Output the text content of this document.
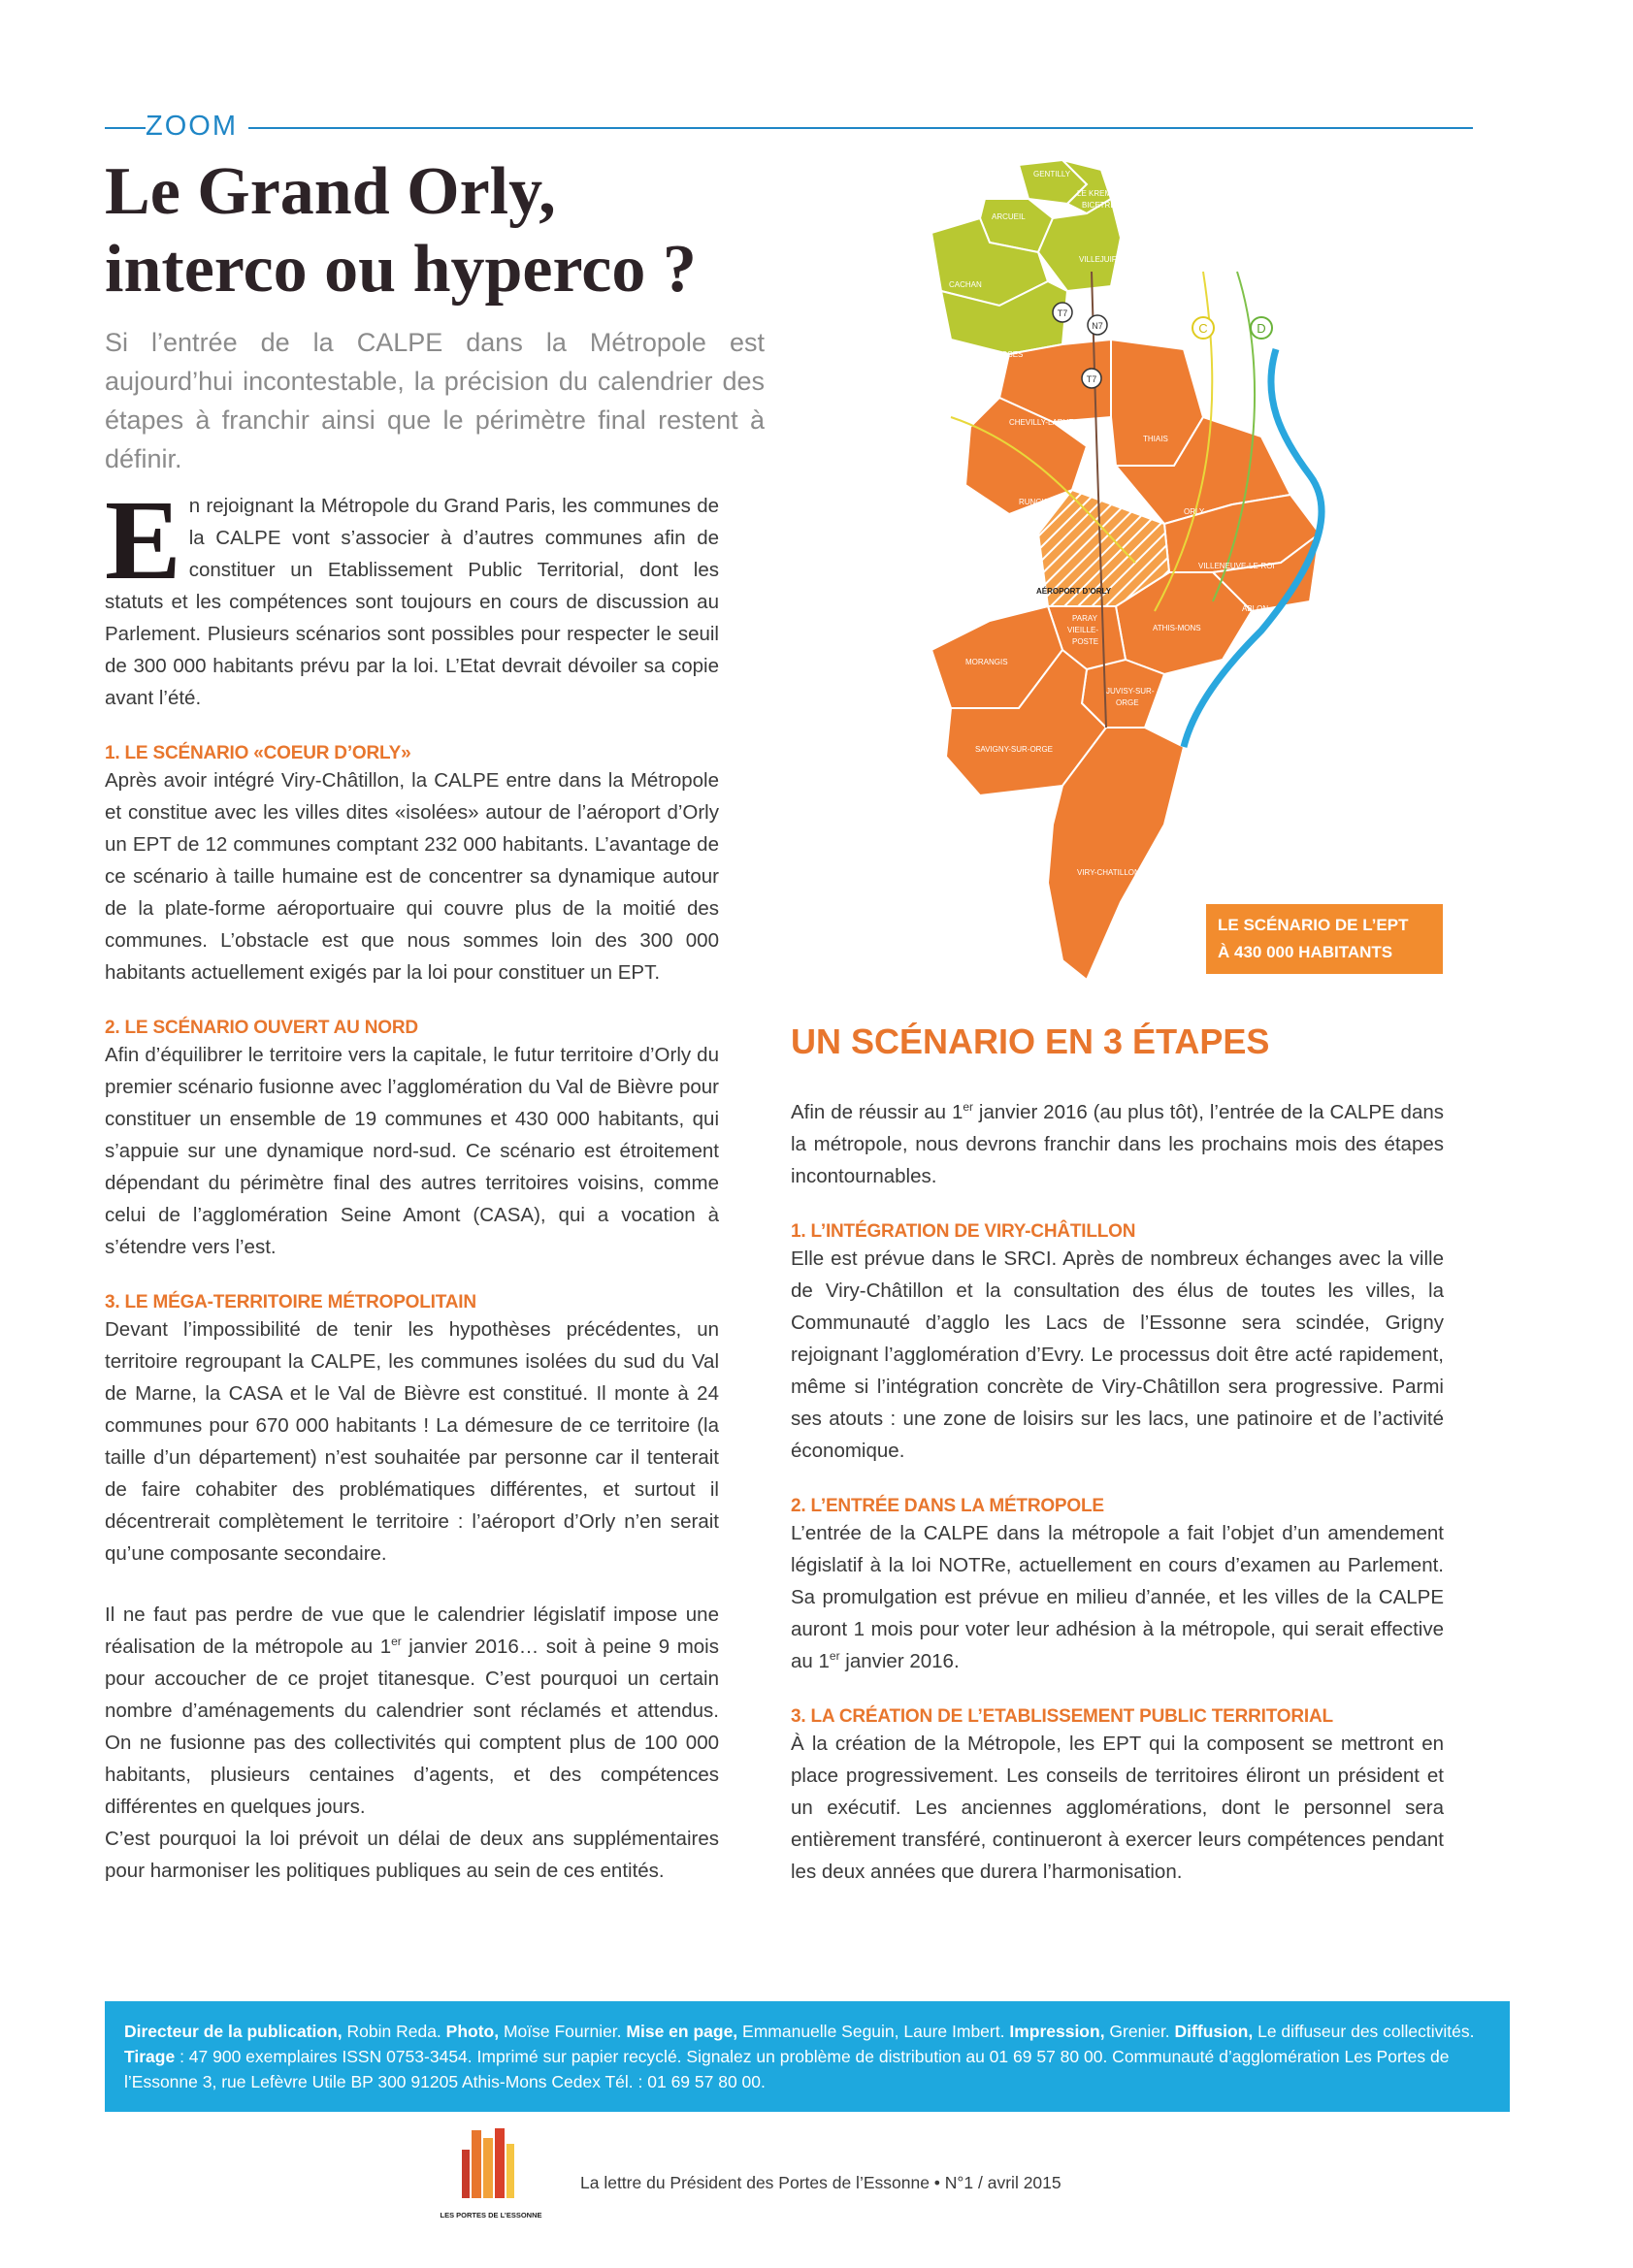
ZOOM
Le Grand Orly,
interco ou hyperco ?
Si l’entrée de la CALPE dans la Métropole est aujourd’hui incontestable, la précision du calendrier des étapes à franchir ainsi que le périmètre final restent à définir.

En rejoignant la Métropole du Grand Paris, les communes de la CALPE vont s’associer à d’autres communes afin de constituer un Etablissement Public Territorial, dont les statuts et les compétences sont toujours en cours de discussion au Parlement. Plusieurs scénarios sont possibles pour respecter le seuil de 300 000 habitants prévu par la loi. L’Etat devrait dévoiler sa copie avant l’été.

1. LE SCÉNARIO «COEUR D’ORLY»

Après avoir intégré Viry-Châtillon, la CALPE entre dans la Métropole et constitue avec les villes dites «isolées» autour de l’aéroport d’Orly un EPT de 12 communes comptant 232 000 habitants. L’avantage de ce scénario à taille humaine est de concentrer sa dynamique autour de la plate-forme aéroportuaire qui couvre plus de la moitié des communes. L’obstacle est que nous sommes loin des 300 000 habitants actuellement exigés par la loi pour constituer un EPT.

2. LE SCÉNARIO OUVERT AU NORD

Afin d’équilibrer le territoire vers la capitale, le futur territoire d’Orly du premier scénario fusionne avec l’agglomération du Val de Bièvre pour constituer un ensemble de 19 communes et 430 000 habitants, qui s’appuie sur une dynamique nord-sud. Ce scénario est étroitement dépendant du périmètre final des autres territoires voisins, comme celui de l’agglomération Seine Amont (CASA), qui a vocation à s’étendre vers l’est.

3. LE MÉGA-TERRITOIRE MÉTROPOLITAIN

Devant l’impossibilité de tenir les hypothèses précédentes, un territoire regroupant la CALPE, les communes isolées du sud du Val de Marne, la CASA et le Val de Bièvre est constitué. Il monte à 24 communes pour 670 000 habitants ! La démesure de ce territoire (la taille d’un département) n’est souhaitée par personne car il tenterait de faire cohabiter des problématiques différentes, et surtout il décentrerait complètement le territoire : l’aéroport d’Orly n’en serait qu’une composante secondaire.

Il ne faut pas perdre de vue que le calendrier législatif impose une réalisation de la métropole au 1er janvier 2016… soit à peine 9 mois pour accoucher de ce projet titanesque. C’est pourquoi un certain nombre d’aménagements du calendrier sont réclamés et attendus. On ne fusionne pas des collectivités qui comptent plus de 100 000 habitants, plusieurs centaines d’agents, et des compétences différentes en quelques jours.

C’est pourquoi la loi prévoit un délai de deux ans supplémentaires pour harmoniser les politiques publiques au sein de ces entités.

T7
N7
T7
C	D
GENTILLY
LE KREMLIN
BICETRE
ARCUEIL
VILLEJUIF
CACHAN
L’HAY-LES-ROSES
CHEVILLY-LARUE
THIAIS
RUNGIS
ORLY
VILLENEUVE-LE-ROI
AÉROPORT D’ORLY
ABLON
PARAY
VIEILLE-
POSTE
ATHIS-MONS
MORANGIS
JUVISY-SUR-
ORGE
SAVIGNY-SUR-ORGE
VIRY-CHATILLON
LE SCÉNARIO DE L’EPT
À 430 000 HABITANTS
UN SCÉNARIO EN 3 ÉTAPES

Afin de réussir au 1er janvier 2016 (au plus tôt), l’entrée de la CALPE dans la métropole, nous devrons franchir dans les prochains mois des étapes incontournables.

1. L’INTÉGRATION DE VIRY-CHÂTILLON

Elle est prévue dans le SRCI. Après de nombreux échanges avec la ville de Viry-Châtillon et la consultation des élus de toutes les villes, la Communauté d’agglo les Lacs de l’Essonne sera scindée, Grigny rejoignant l’agglomération d’Evry. Le processus doit être acté rapidement, même si l’intégration concrète de Viry-Châtillon sera progressive. Parmi ses atouts : une zone de loisirs sur les lacs, une patinoire et de l’activité économique.

2. L’ENTRÉE DANS LA MÉTROPOLE

L’entrée de la CALPE dans la métropole a fait l’objet d’un amendement législatif à la loi NOTRe, actuellement en cours d’examen au Parlement. Sa promulgation est prévue en milieu d’année, et les villes de la CALPE auront 1 mois pour voter leur adhésion à la métropole, qui serait effective au 1er janvier 2016.

3. LA CRÉATION DE L’ETABLISSEMENT PUBLIC TERRITORIAL

À la création de la Métropole, les EPT qui la composent se mettront en place progressivement. Les conseils de territoires éliront un président et un exécutif. Les anciennes agglomérations, dont le personnel sera entièrement transféré, continueront à exercer leurs compétences pendant les deux années que durera l’harmonisation.

Directeur de la publication, Robin Reda. Photo, Moïse Fournier. Mise en page, Emmanuelle Seguin, Laure Imbert. Impression, Grenier. Diffusion, Le diffuseur des collectivités.
Tirage : 47 900 exemplaires ISSN 0753-3454. Imprimé sur papier recyclé. Signalez un problème de distribution au 01 69 57 80 00. Communauté d’agglomération Les Portes de l’Essonne 3, rue Lefèvre Utile BP 300 91205 Athis-Mons Cedex Tél. : 01 69 57 80 00.
LES PORTES DE L’ESSONNE
La lettre du Président des Portes de l’Essonne • N°1 / avril 2015
